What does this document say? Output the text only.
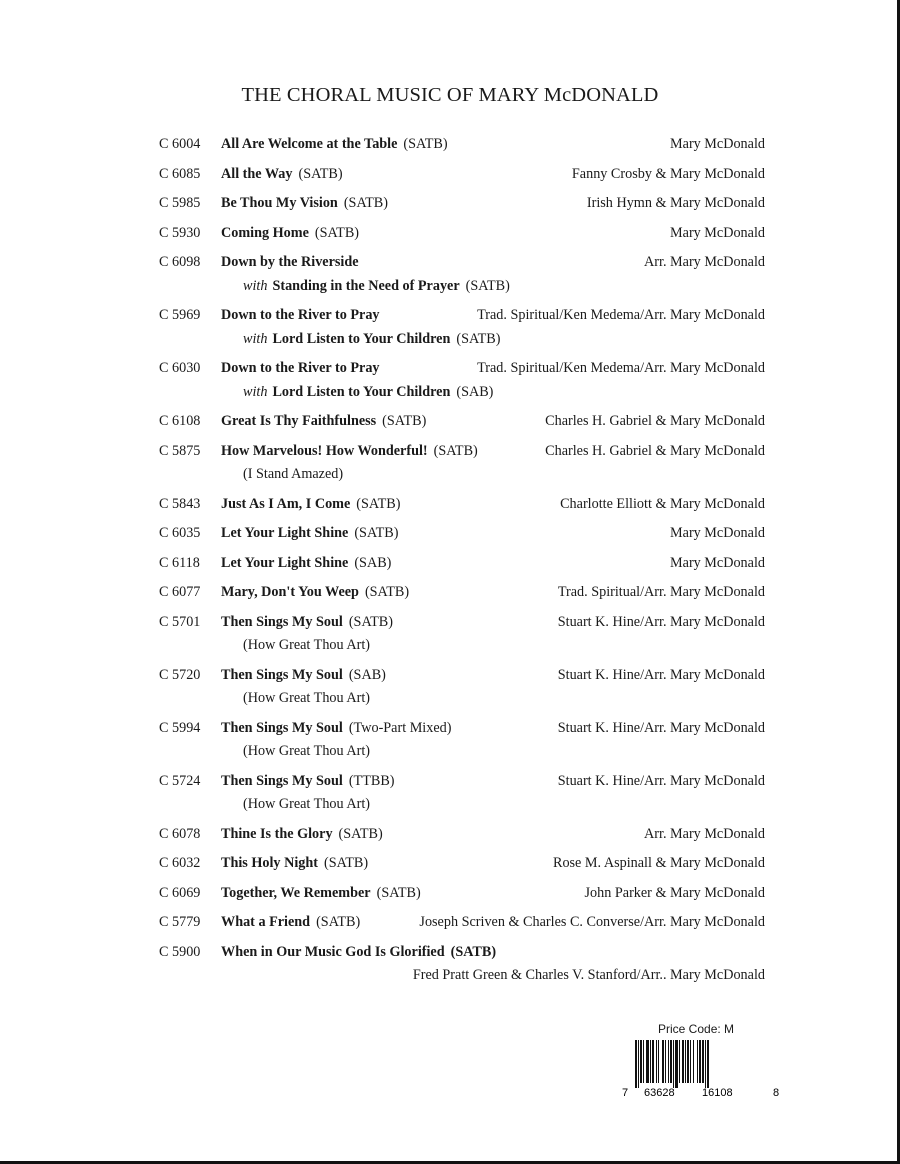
THE CHORAL MUSIC OF MARY McDONALD
C 6004	All Are Welcome at the Table (SATB)	Mary McDonald
C 6085	All the Way (SATB)	Fanny Crosby & Mary McDonald
C 5985	Be Thou My Vision (SATB)	Irish Hymn & Mary McDonald
C 5930	Coming Home (SATB)	Mary McDonald
C 6098	Down by the Riverside	Arr. Mary McDonald
with Standing in the Need of Prayer (SATB)
C 5969	Down to the River to Pray	Trad. Spiritual/Ken Medema/Arr. Mary McDonald
with Lord Listen to Your Children (SATB)
C 6030	Down to the River to Pray	Trad. Spiritual/Ken Medema/Arr. Mary McDonald
with Lord Listen to Your Children (SAB)
C 6108	Great Is Thy Faithfulness (SATB)	Charles H. Gabriel & Mary McDonald
C 5875	How Marvelous! How Wonderful! (SATB)	Charles H. Gabriel & Mary McDonald
(I Stand Amazed)
C 5843	Just As I Am, I Come (SATB)	Charlotte Elliott & Mary McDonald
C 6035	Let Your Light Shine (SATB)	Mary McDonald
C 6118	Let Your Light Shine (SAB)	Mary McDonald
C 6077	Mary, Don't You Weep (SATB)	Trad. Spiritual/Arr. Mary McDonald
C 5701	Then Sings My Soul (SATB)	Stuart K. Hine/Arr. Mary McDonald
(How Great Thou Art)
C 5720	Then Sings My Soul (SAB)	Stuart K. Hine/Arr. Mary McDonald
(How Great Thou Art)
C 5994	Then Sings My Soul (Two-Part Mixed)	Stuart K. Hine/Arr. Mary McDonald
(How Great Thou Art)
C 5724	Then Sings My Soul (TTBB)	Stuart K. Hine/Arr. Mary McDonald
(How Great Thou Art)
C 6078	Thine Is the Glory (SATB)	Arr. Mary McDonald
C 6032	This Holy Night (SATB)	Rose M. Aspinall & Mary McDonald
C 6069	Together, We Remember (SATB)	John Parker & Mary McDonald
C 5779	What a Friend (SATB)	Joseph Scriven & Charles C. Converse/Arr. Mary McDonald
C 5900	When in Our Music God Is Glorified (SATB)
Fred Pratt Green & Charles V. Stanford/Arr.. Mary McDonald
Price Code: M
7 63628 16108	8
